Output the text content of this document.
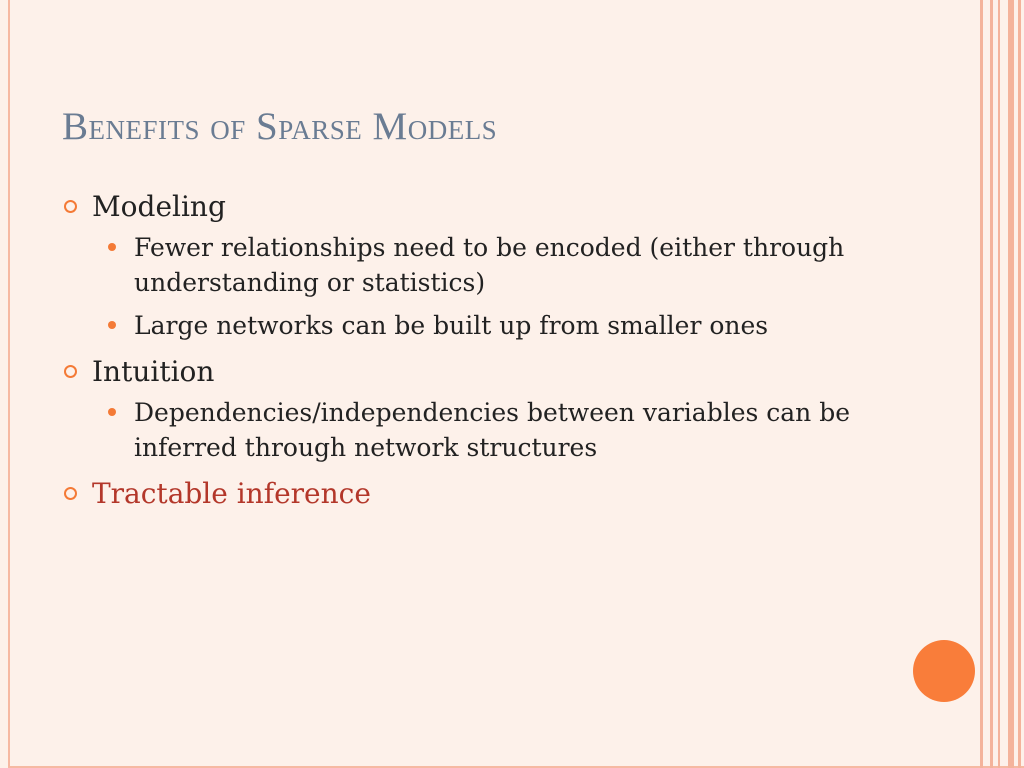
Benefits of Sparse Models
Modeling
Fewer relationships need to be encoded (either through understanding or statistics)
Large networks can be built up from smaller ones
Intuition
Dependencies/independencies between variables can be inferred through network structures
Tractable inference
